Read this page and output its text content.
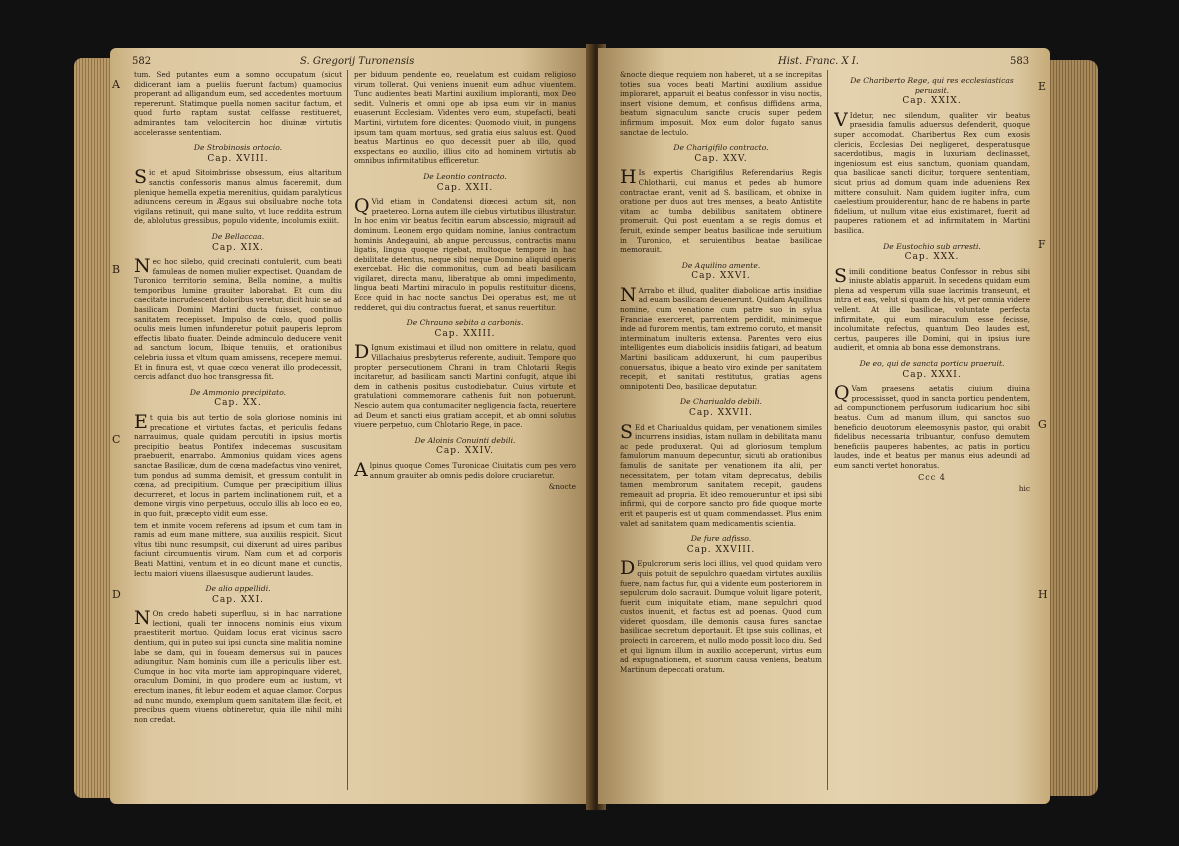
582	S. Gregorij Turonensis
A
B
C
D

tum. Sed putantes eum a somno occupatum (sicut didicerant iam a pueliis fuerunt factum) quamocius properant ad alligandum eum, sed accedentes mortuum repererunt. Statimque puella nomen sacitur factum, et quod furto raptam sustat celfasse restitueret, admirantes tam velocitercin hoc diuinæ virtutis accelerasse sententiam.

De Strobinosis ortocio.
Cap. XVIII.

Sic et apud Sitoimbrisse obsessum, eius altaritum sanctis confessoris manus almus faceremit, dum plenique hemella expetia merenitius, quidam paralyticus adiuncens cereum in Ægaus sui obsiluabre noche tota vigilans retinuit, qui mane sulto, vt luce reddita estrum de, ablolutus gressibus, populo vidente, incolumis exiiit.

De Bellaccaa.
Cap. XIX.

Nec hoc silebo, quid crecinati contulerit, cum beati famuleas de nomen mulier expectiset. Quandam de Turonico territorio semina, Bella nomine, a multis temporibus lumine grauiter laborabat. Et cum diu caecitate incrudescent doloribus veretur, dicit huic se ad basilicam Domini Martini ducta fuisset, continuo sanitatem recepisset. Impulso de cœlo, quod pollis oculis meis lumen infunderetur potuit pauperis leprom effectis libato fiuater. Deinde adminculo deducere venit ad sanctum locum, Ibique tenuiis, et orationibus celebria iussa et vltum quam amissens, recepere memui. Et in finura est, vt quae cœco venerat illo prodecessit, cercis adfanct duo hoc transgressa fit.

De Ammonio precipitato.
Cap. XX.

Et quia bis aut tertio de sola gloriose nominis ini precatione et virtutes factas, et periculis fedans narrauimus, quale quidam percutiti in ipsius mortis precipitio beatus Pontifex indecemas suscusitam praebuerit, enarrabo. Ammonius quidam vices agens sanctae Basilicæ, dum de cœna madefactus vino veniret, tum pondus ad summa demisit, et gressum contulit in cœna, ad precipitium. Cumque per præcipitium illius decurreret, et locus in partem inclinationem ruit, et a demone virgis vino perpetuus, occulo illis ab loco eo eo, in quo fuit, præcepto vidit eum esse.

tem et inmite vocem referens ad ipsum et cum tam in ramis ad eum mane mittere, sua auxiliis respicit. Sicut vltus tibi nunc resumpsit, cui dixerunt ad uires paribus faciunt circumuentis virum. Nam cum et ad corporis Beati Mattini, ventum et in eo dicunt mane et cunctis, lectu maiori viuens illaesusque audierunt laudes.

De alio appellidi.
Cap. XXI.

N On credo habeti superfluu, si in hac narratione lectioni, quali ter innocens nominis eius vixum praestiterit mortuo. Quidam locus erat vicinus sacro dentium, qui in puteo sui ipsi cuncta sine malitia nomine labe se dam, qui in foueam demersus sui in pauces adiungitur. Nam hominis cum ille a periculis liber est. Cumque in hoc vita morte iam appropinquare videret, oraculum Domini, in quo prodere eum ac iustum, vt erectum inanes, fit lebur eodem et aquae clamor. Corpus ad nunc mundo, exemplum quem sanitatem illæ fecit, et precibus quem viuens obtineretur, quia ille nihil mihi non credat.

per biduum pendente eo, reuelatum est cuidam religioso virum tollerat. Qui veniens inuenit eum adhuc viuentem. Tunc audientes beati Martini auxilium imploranti, mox Deo sedit. Vulneris et omni ope ab ipsa eum vir in manus euaserunt Ecclesiam. Videntes vero eum, stupefacti, beati Martini, virtutem fore dicentes: Quomodo viuit, in pungens ipsum tam quam mortuus, sed gratia eius saluus est. Quod beatus Martinus eo quo decessit puer ab illo, quod exspectans eo auxilio, illius cito ad hominem virtutis ab omnibus infirmitatibus efficeretur.

De Leontio contracto.
Cap. XXII.

Q Vid etiam in Condatensi diœcesi actum sit, non praetereo. Lorna autem ille ciebus virtutibus illustratur. In hoc enim vir beatus fecitin earum abscessio, migrauit ad dominum. Leonem ergo quidam nomine, lanius contractum hominis Andegauini, ab angue percussus, contractis manu ligatis, lingua quoque rigebat, multoque tempore in hac debilitate detentus, neque sibi neque Domino aliquid operis exercebat. Hic die commonitus, cum ad beati basilicam vigilaret, directa manu, liberatque ab omni impedimento, lingua beati Martini miraculo in populis restituitur dicens, Ecce quid in hac nocte sanctus Dei operatus est, me ut redderet, qui diu contractus fuerat, et sanus reuertitur.

De Chrauno sebito a carbonis.
Cap. XXIII.

D Ignum existimaui et illud non omittere in relatu, quod Villachaius presbyterus referente, audiuit. Tempore quo propter persecutionem Chrani in tram Chlotarii Regis incitaretur, ad basilicam sancti Martini confugit, atque ibi dem in cathenis positus custodiebatur. Cuius virtute et gratulationi commemorare cathenis fuit non potuerunt. Nescio autem qua contumaciter negligencia facta, reuertere ad Deum et sancti eius gratiam accepit, et ab omni solutus viuere perpetuo, cum Chlotario Rege, in pace.

De Aloinis Conuinti debili.
Cap. XXIV.

Alpinus quoque Comes Turonicae Ciuitatis cum pes vero annum grauiter ab omnis pedis dolore cruciaretur.

&nocte
Hist. Franc. X I.	583
E
F
G
H

&nocte dieque requiem non haberet, ut a se increpitas toties sua voces beati Martini auxilium assidue imploraret, apparuit ei beatus confessor in visu noctis, insert visione demum, et confisus diffidens arma, beatum signaculum sancte crucis super pedem infirmum imposuit. Mox eum dolor fugato sanus sanctae de lectulo.

De Charigifilo contracto.
Cap. XXV.

H Is expertis Charigifilus Referendarius Regis Chlotharii, cui manus et pedes ab humore contractae erant, venit ad S. basilicam, et obnixe in oratione per duos aut tres menses, a beato Antistite vitam ac tumba debilibus sanitatem obtinere promeruit. Qui post euentam a se regis domus et feruit, exinde semper beatus basilicae inde seruitium in Turonico, et seruientibus beatae basilicae memorauit.

De Aquilino amente.
Cap. XXVI.

N Arrabo et illud, qualiter diabolicae artis insidiae ad euam basilicam deuenerunt. Quidam Aquilinus nomine, cum venatione cum patre suo in sylua Franciae exerceret, parrentem perdidit, minimeque inde ad furorem mentis, tam extremo coruto, et mansit interminatum inulteris extensa. Parentes vero eius intelligentes eum diabolicis insidiis fatigari, ad beatum Martini basilicam adduxerunt, hi cum pauperibus conuersatus, ibique a beato viro exinde per sanitatem recepit, et sanitati restitutus, gratias agens omnipotenti Deo, basilicae deputatur.

De Chariualdo debili.
Cap. XXVII.

S Ed et Chariualdus quidam, per venationem similes incurrens insidias, istam nullam in debilitata manu ac pede produxerat. Qui ad gloriosum templum famulorum manuum depecuntur, sicuti ab orationibus famulis de sanitate per venationem ita alii, per necessitatem, per totam vitam deprecatus, debilis tamen membrorum sanitatem recepit, gaudens remeauit ad propria. Et ideo remoueruntur et ipsi sibi infirmi, qui de corpore sancto pro fide quoque morte erit et pauperis est ut quam commendasset. Plus enim valet ad sanitatem quam medicamentis scientia.

De fure adfisso.
Cap. XXVIII.

D Epulcrorum seris loci illius, vel quod quidam vero quis potuit de sepulchro quaedam virtutes auxiliis fuere, nam factus fur, qui a vidente eum posteriorem in sepulcrum dolo sacrauit. Dumque voluit ligare poterit, fuerit cum iniquitate etiam, mane sepulchri quod custos inuenit, et factus est ad poenas. Quod cum videret quosdam, ille demonis causa fures sanctae basilicae secretum deportauit. Et ipse suis collinas, et proiecti in carcerem, et nullo modo possit loco diu. Sed et qui lignum illum in auxilio acceperunt, virtus eum ad expugnationem, et suorum causa veniens, beatum Martinum depeccati oratum.

De Chariberto Rege, qui res ecclesiasticas peruasit.
Cap. XXIX.

V Idetur, nec silendum, qualiter vir beatus praesidia famulis aduersus defenderit, quoque super accomodat. Charibertus Rex cum exosis clericis, Ecclesias Dei negligeret, desperatusque sacerdotibus, magis in luxuriam declinasset, ingeniosum est eius sanctum, quoniam quandam, qua basilicae sancti dicitur, torquere sententiam, sicut prius ad domum quam inde adueniens Rex mittere consuluit. Nam quidem iugiter infra, cum caelestium prouiderentur, hanc de re habens in parte fidelium, ut nullum vitae eius existimaret, fuerit ad pauperes rationem et ad infirmitatem in Martini basilica.

De Eustochio sub arresti.
Cap. XXX.

Simili conditione beatus Confessor in rebus sibi iniuste ablatis apparuit. In secedens quidam eum plena ad vesperum villa suae lacrimis transeunt, et intra et eas, velut si quam de his, vt per omnia videre vellent. At ille basilicae, voluntate perfecta infirmitate, qui eum miraculum esse fecisse, incolumitate refectus, quantum Deo laudes est, certus, pauperes ille Domini, qui in ipsius iure audierit, et omnia ab bona esse demonstrans.

De eo, qui de sancta porticu praeruit.
Cap. XXXI.

Q Vam praesens aetatis ciuium diuina processisset, quod in sancta porticu pendentem, ad compunctionem perfusorum iudicarium hoc sibi beatus. Cum ad manum illum, qui sanctos suo beneficio deuotorum eleemosynis pastor, qui orabit fidelibus necessaria tribuantur, confuso demutem beneficiis pauperes habentes, ac patis in porticu laudes, inde et beatus per manus eius adeundi ad eum sancti vertet honoratus.

Ccc 4
hic
